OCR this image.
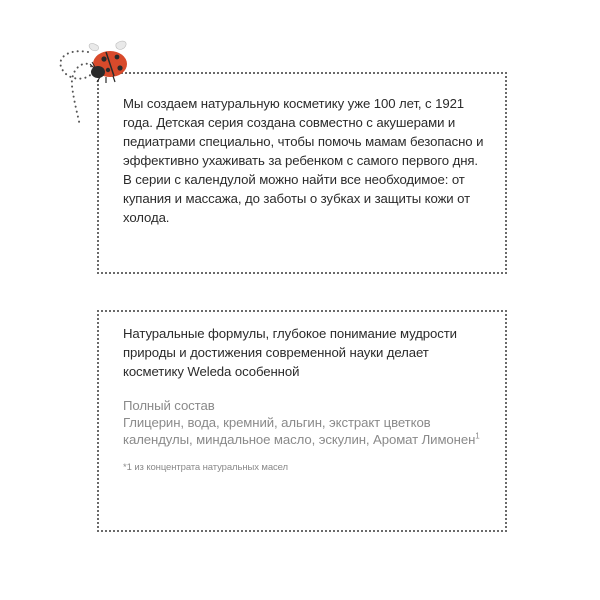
Мы создаем натуральную косметику уже 100 лет, с 1921 года. Детская серия создана совместно с акушерами и педиатрами специально, чтобы помочь мамам безопасно и эффективно ухаживать за ребенком с самого первого дня. В серии с календулой можно найти все необходимое: от купания и массажа, до заботы о зубках и защиты кожи от холода.
Натуральные формулы, глубокое понимание мудрости природы и достижения современной науки делает косметику Weleda особенной
Полный состав
Глицерин, вода, кремний, альгин, экстракт цветков календулы, миндальное масло, эскулин, Аромат Лимонен$^1$
*1 из концентрата натуральных масел
